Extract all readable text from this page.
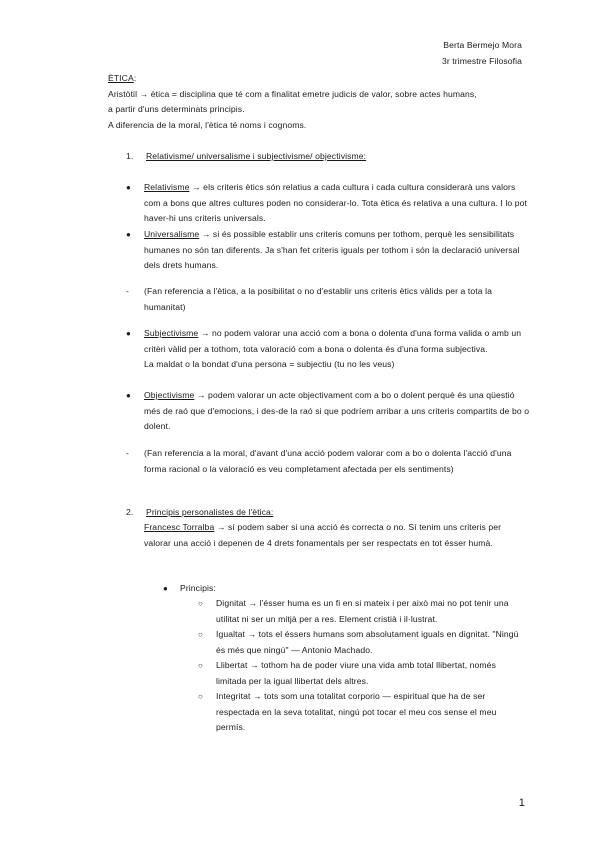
Berta Bermejo Mora
3r trimestre Filosofia

ÈTICA:

Aristòtil → ètica = disciplina que té com a finalitat emetre judicis de valor, sobre actes humans,

a partir d'uns determinats principis.

A diferencia de la moral, l'ètica té noms i cognoms.

1. Relativisme/ universalisme i subjectivisme/ objectivisme:
● Relativisme → els criteris ètics són relatius a cada cultura i cada cultura considerarà uns valors com a bons que altres cultures poden no considerar-lo. Tota ètica és relativa a una cultura. I lo pot haver-hi uns criteris universals.
● Universalisme → si és possible establir uns criteris comuns per tothom, perquè les sensibilitats humanes no són tan diferents. Ja s'han fet criteris iguals per tothom i són la declaració universal dels drets humans.
- (Fan referencia a l'ètica, a la posibilitat o no d'establir uns criteris ètics vàlids per a tota la humanitat)
● Subjectivisme → no podem valorar una acció com a bona o dolenta d'una forma valida o amb un critèri vàlid per a tothom, tota valoració com a bona o dolenta és d'una forma subjectiva.

La maldat o la bondat d'una persona = subjectiu (tu no les veus)

● Objectivisme → podem valorar un acte objectivament com a bo o dolent perquè és una qüestió més de raó que d'emocions, i des-de la raó si que podríem arribar a uns criteris compartits de bo o dolent.
- (Fan referencia a la moral, d'avant d'una acció podem valorar com a bo o dolenta l'acció d'una forma racional o la valoració es veu completament afectada per els sentiments)
2. Principis personalistes de l'ètica:
Francesc Torralba → sí podem saber si una acció és correcta o no. Sí tenim uns criteris per valorar una acció i depenen de 4 drets fonamentals per ser respectats en tot ésser humà.
● Principis:
○ Dignitat → l'ésser huma es un fi en si mateix i per això mai no pot tenir una utilitat ni ser un mitjà per a res. Element cristià i il·lustrat.
○ Igualtat → tots el éssers humans som absolutament iguals en dignitat. "Ningú és més que ningú" — Antonio Machado.
○ Llibertat → tothom ha de poder viure una vida amb total llibertat, només limitada per la igual llibertat dels altres.
○ Integritat → tots som una totalitat corporio — espiritual que ha de ser respectada en la seva totalitat, ningú pot tocar el meu cos sense el meu permís.
1
